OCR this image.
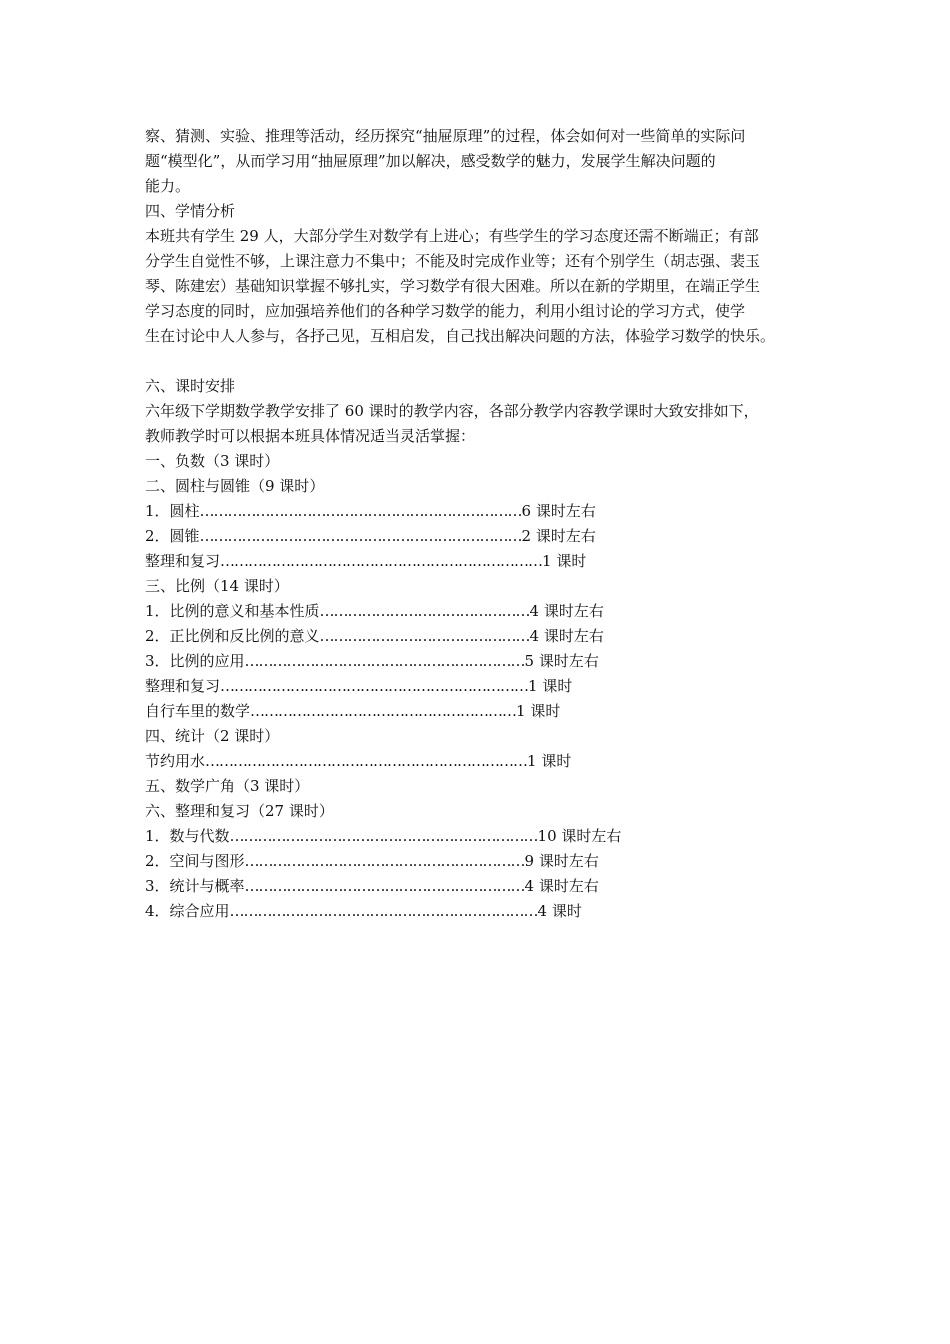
察、猜测、实验、推理等活动，经历探究“抽屉原理”的过程，体会如何对一些简单的实际问
题“模型化”，从而学习用“抽屉原理”加以解决，感受数学的魅力，发展学生解决问题的
能力。
四、学情分析
本班共有学生 29 人，大部分学生对数学有上进心；有些学生的学习态度还需不断端正；有部
分学生自觉性不够，上课注意力不集中；不能及时完成作业等；还有个别学生（胡志强、裴玉
琴、陈建宏）基础知识掌握不够扎实，学习数学有很大困难。所以在新的学期里，在端正学生
学习态度的同时，应加强培养他们的各种学习数学的能力，利用小组讨论的学习方式，使学
生在讨论中人人参与，各抒己见，互相启发，自己找出解决问题的方法，体验学习数学的快乐。
六、课时安排
六年级下学期数学教学安排了 60 课时的教学内容，各部分教学内容教学课时大致安排如下，
教师教学时可以根据本班具体情况适当灵活掌握：
一、负数（3 课时）
二、圆柱与圆锥（9 课时）
1．圆柱……………………………………………………………6 课时左右
2．圆锥……………………………………………………………2 课时左右
整理和复习……………………………………………………………1 课时
三、比例（14 课时）
1．比例的意义和基本性质………………………………………4 课时左右
2．正比例和反比例的意义………………………………………4 课时左右
3．比例的应用……………………………………………………5 课时左右
整理和复习…………………………………………………………1 课时
自行车里的数学…………………………………………………1 课时
四、统计（2 课时）
节约用水……………………………………………………………1 课时
五、数学广角（3 课时）
六、整理和复习（27 课时）
1．数与代数…………………………………………………………10 课时左右
2．空间与图形……………………………………………………9 课时左右
3．统计与概率……………………………………………………4 课时左右
4．综合应用…………………………………………………………4 课时
